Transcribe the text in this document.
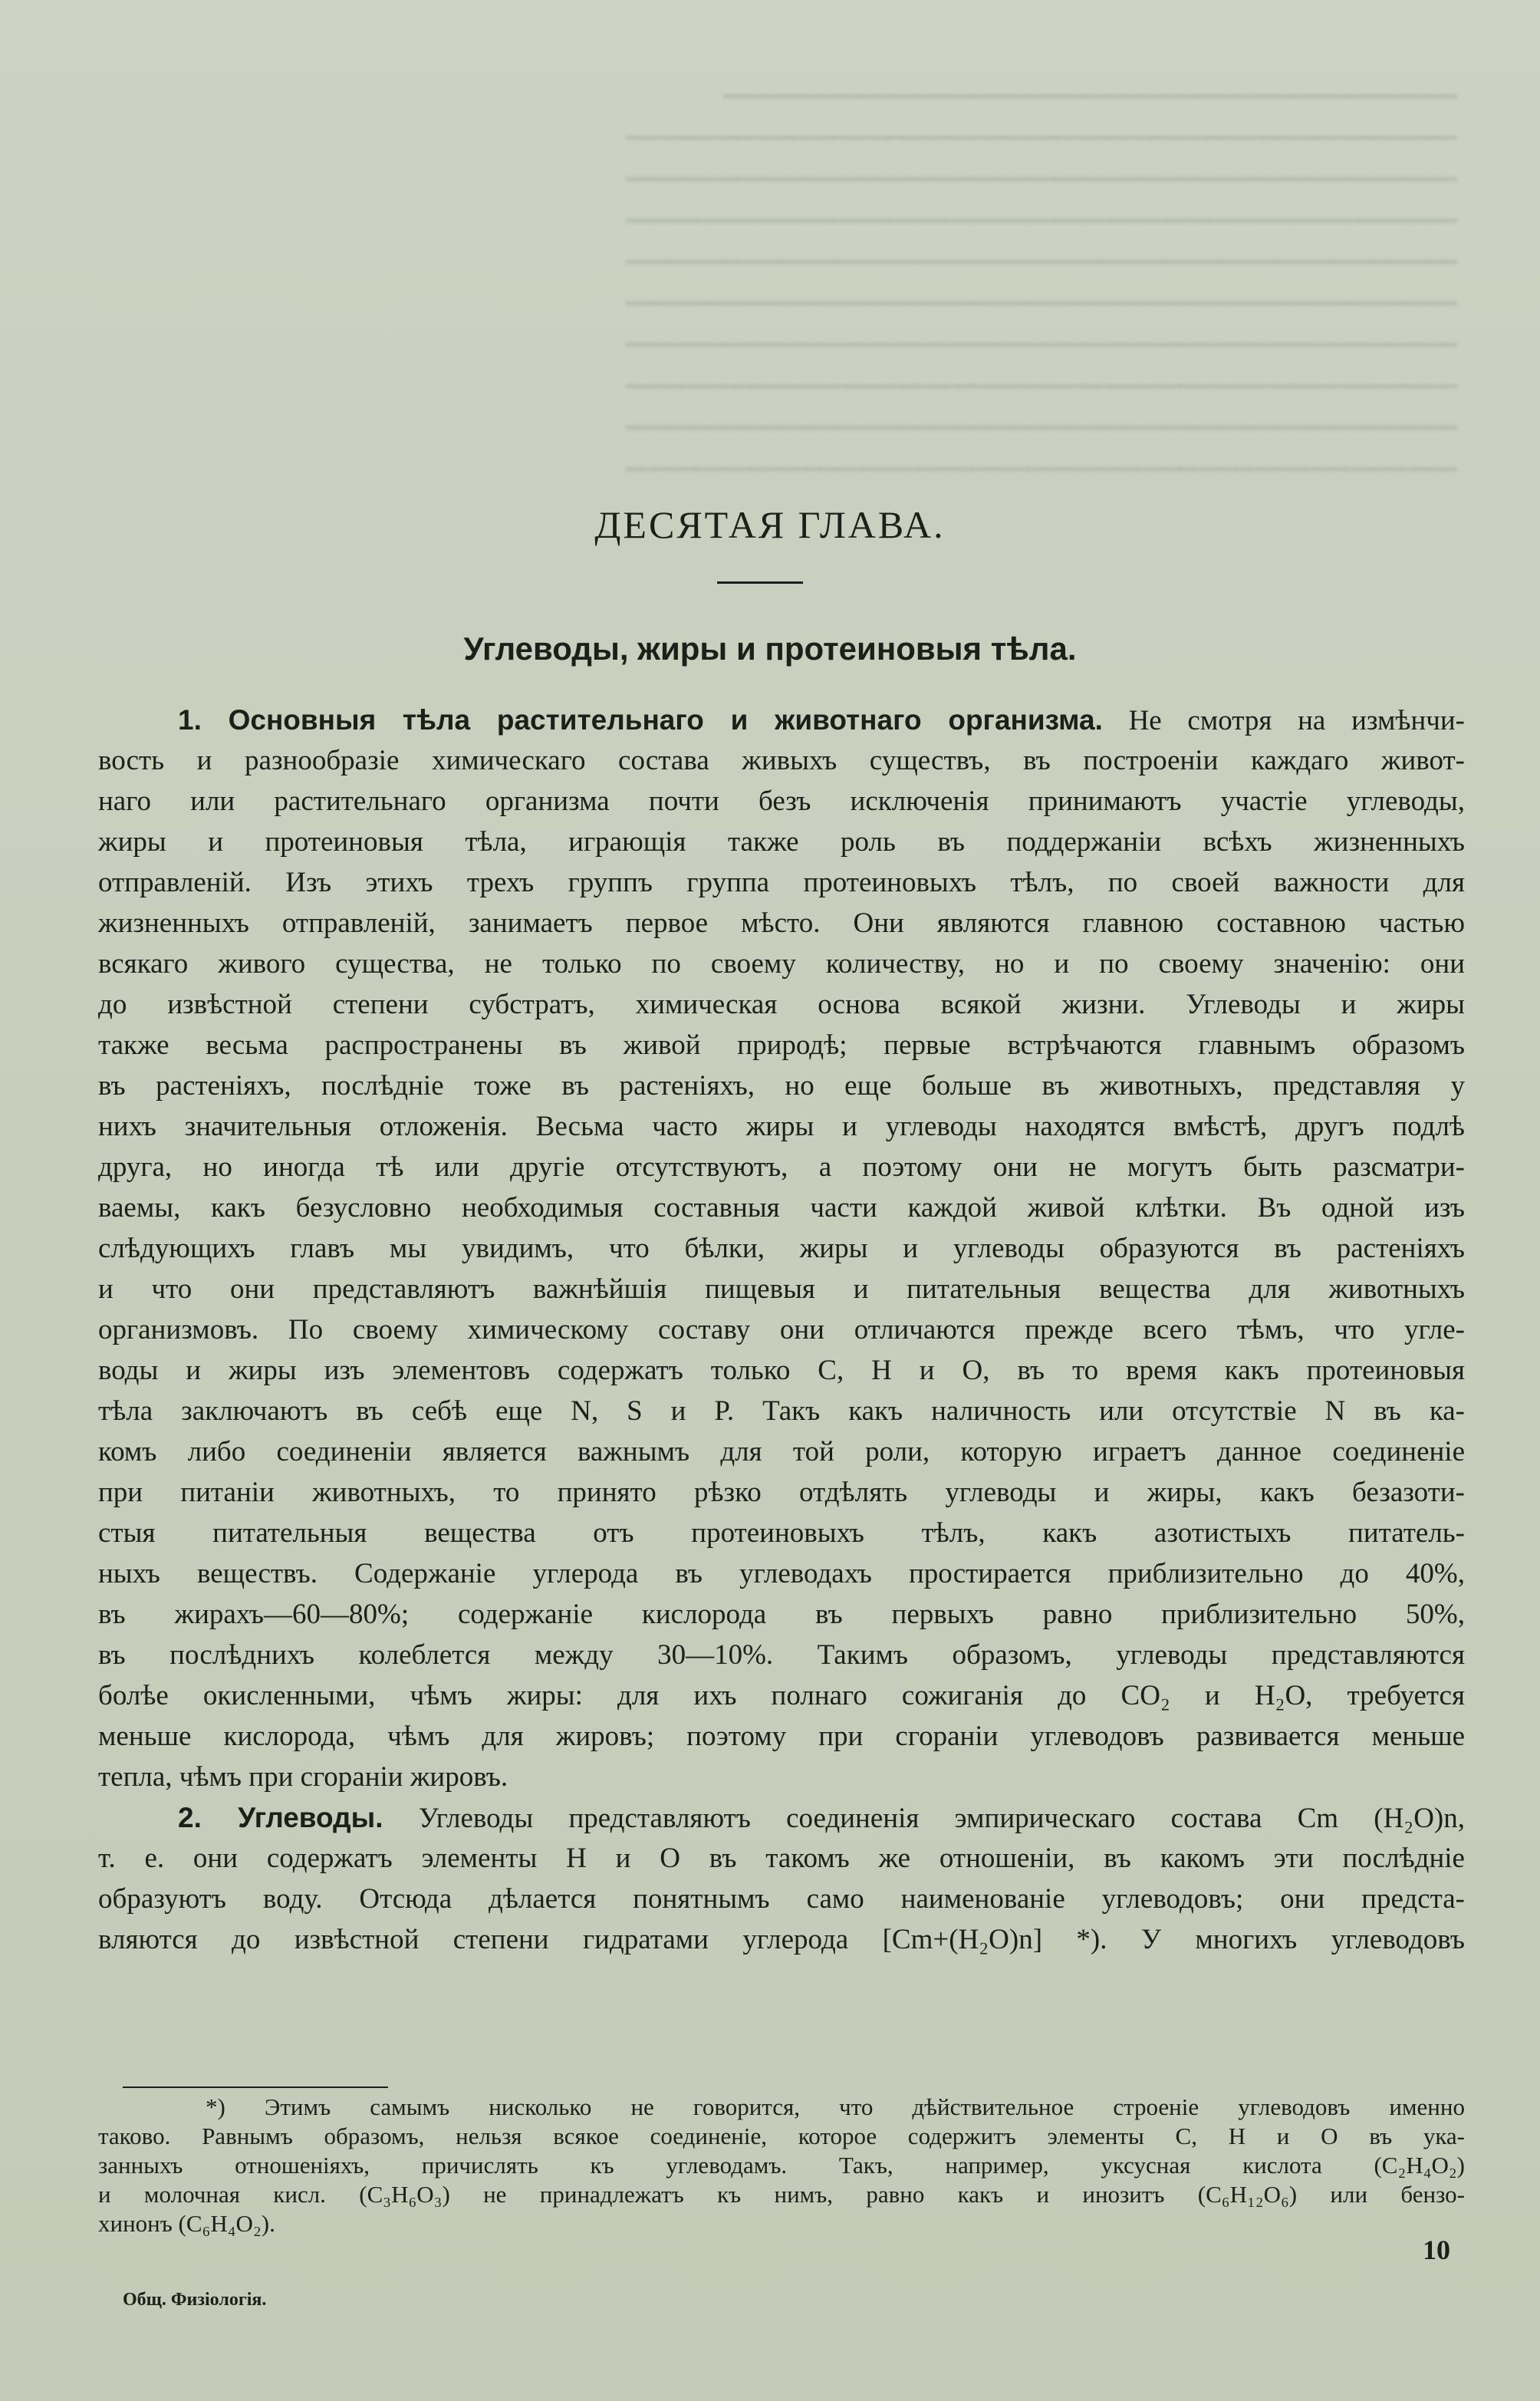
━━━━━━━━━━━━━━━━━━━━━━━━━━━━━━━━━━━━━━━━━━━━━━━━━━━━━
━━━━━━━━━━━━━━━━━━━━━━━━━━━━━━━━━━━━━━━━━━━━━━━━━━━━━━━━━━━━
━━━━━━━━━━━━━━━━━━━━━━━━━━━━━━━━━━━━━━━━━━━━━━━━━━━━━━━━━━━━
━━━━━━━━━━━━━━━━━━━━━━━━━━━━━━━━━━━━━━━━━━━━━━━━━━━━━━━━━━━━
━━━━━━━━━━━━━━━━━━━━━━━━━━━━━━━━━━━━━━━━━━━━━━━━━━━━━━━━━━━━
━━━━━━━━━━━━━━━━━━━━━━━━━━━━━━━━━━━━━━━━━━━━━━━━━━━━━━━━━━━━
━━━━━━━━━━━━━━━━━━━━━━━━━━━━━━━━━━━━━━━━━━━━━━━━━━━━━━━━━━━━
━━━━━━━━━━━━━━━━━━━━━━━━━━━━━━━━━━━━━━━━━━━━━━━━━━━━━━━━━━━━
━━━━━━━━━━━━━━━━━━━━━━━━━━━━━━━━━━━━━━━━━━━━━━━━━━━━━━━━━━━━
━━━━━━━━━━━━━━━━━━━━━━━━━━━━━━━━━━━━━━━━━━━━━━━━━━━━━━━━━━━━
ДЕСЯТАЯ ГЛАВА.
Углеводы, жиры и протеиновыя тѣла.
1. Основныя тѣла растительнаго и животнаго организма. Не смотря на измѣнчи-
вость и разнообразіе химическаго состава живыхъ существъ, въ построеніи каждаго живот-
наго или растительнаго организма почти безъ исключенія принимаютъ участіе углеводы,
жиры и протеиновыя тѣла, играющія также роль въ поддержаніи всѣхъ жизненныхъ
отправленій. Изъ этихъ трехъ группъ группа протеиновыхъ тѣлъ, по своей важности для
жизненныхъ отправленій, занимаетъ первое мѣсто. Они являются главною составною частью
всякаго живого существа, не только по своему количеству, но и по своему значенію: они
до извѣстной степени субстратъ, химическая основа всякой жизни. Углеводы и жиры
также весьма распространены въ живой природѣ; первые встрѣчаются главнымъ образомъ
въ растеніяхъ, послѣдніе тоже въ растеніяхъ, но еще больше въ животныхъ, представляя у
нихъ значительныя отложенія. Весьма часто жиры и углеводы находятся вмѣстѣ, другъ подлѣ
друга, но иногда тѣ или другіе отсутствуютъ, а поэтому они не могутъ быть разсматри-
ваемы, какъ безусловно необходимыя составныя части каждой живой клѣтки. Въ одной изъ
слѣдующихъ главъ мы увидимъ, что бѣлки, жиры и углеводы образуются въ растеніяхъ
и что они представляютъ важнѣйшія пищевыя и питательныя вещества для животныхъ
организмовъ. По своему химическому составу они отличаются прежде всего тѣмъ, что угле-
воды и жиры изъ элементовъ содержатъ только C, H и O, въ то время какъ протеиновыя
тѣла заключаютъ въ себѣ еще N, S и P. Такъ какъ наличность или отсутствіе N въ ка-
комъ либо соединеніи является важнымъ для той роли, которую играетъ данное соединеніе
при питаніи животныхъ, то принято рѣзко отдѣлять углеводы и жиры, какъ безазоти-
стыя питательныя вещества отъ протеиновыхъ тѣлъ, какъ азотистыхъ питатель-
ныхъ веществъ. Содержаніе углерода въ углеводахъ простирается приблизительно до 40%,
въ жирахъ—60—80%; содержаніе кислорода въ первыхъ равно приблизительно 50%,
въ послѣднихъ колеблется между 30—10%. Такимъ образомъ, углеводы представляются
болѣе окисленными, чѣмъ жиры: для ихъ полнаго сожиганія до CO₂ и H₂O, требуется
меньше кислорода, чѣмъ для жировъ; поэтому при сгораніи углеводовъ развивается меньше
тепла, чѣмъ при сгораніи жировъ.
2. Углеводы. Углеводы представляютъ соединенія эмпирическаго состава Cm (H₂O)n,
т. е. они содержатъ элементы H и O въ такомъ же отношеніи, въ какомъ эти послѣдніе
образуютъ воду. Отсюда дѣлается понятнымъ само наименованіе углеводовъ; они предста-
вляются до извѣстной степени гидратами углерода [Cm+(H₂O)n] *). У многихъ углеводовъ
*) Этимъ самымъ нисколько не говорится, что дѣйствительное строеніе углеводовъ именно
таково. Равнымъ образомъ, нельзя всякое соединеніе, которое содержитъ элементы C, H и O въ ука-
занныхъ отношеніяхъ, причислять къ углеводамъ. Такъ, например, уксусная кислота (C₂H₄O₂)
и молочная кисл. (C₃H₆O₃) не принадлежатъ къ нимъ, равно какъ и инозитъ (C₆H₁₂O₆) или бензо-
хинонъ (C₆H₄O₂).
10
Общ. Физіологія.
